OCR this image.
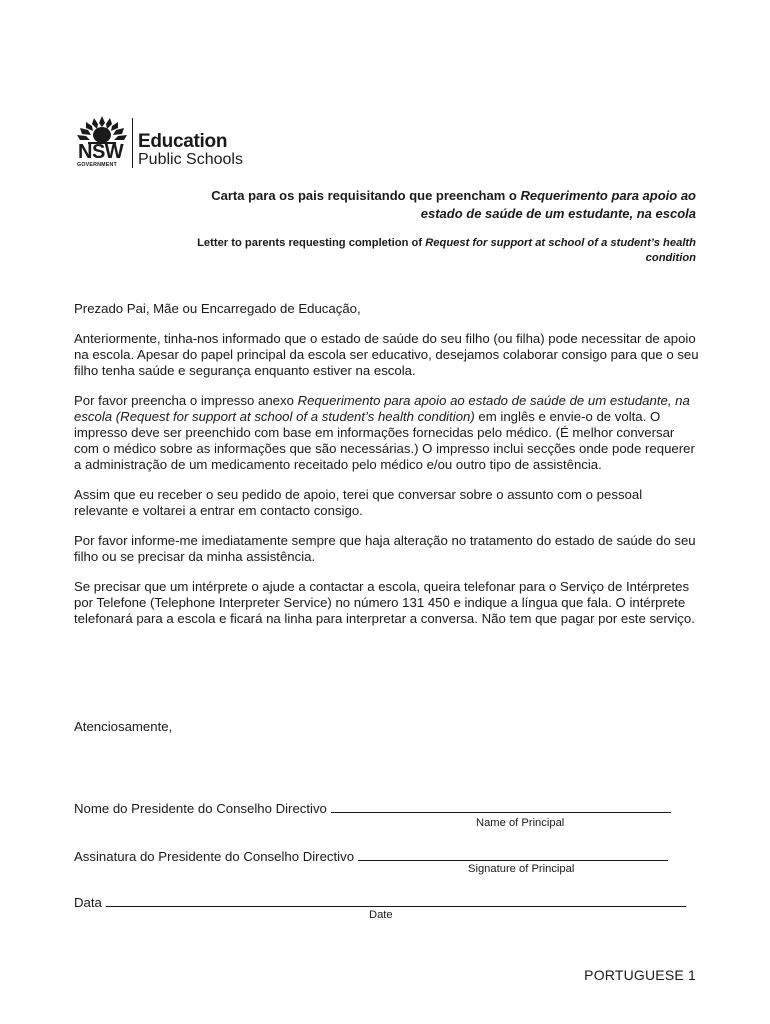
NSW
GOVERNMENT
Education
Public Schools
Carta para os pais requisitando que preencham o Requerimento para apoio ao estado de saúde de um estudante, na escola
Letter to parents requesting completion of Request for support at school of a student’s health condition

Prezado Pai, Mãe ou Encarregado de Educação,

Anteriormente, tinha-nos informado que o estado de saúde do seu filho (ou filha) pode necessitar de apoio na escola. Apesar do papel principal da escola ser educativo, desejamos colaborar consigo para que o seu filho tenha saúde e segurança enquanto estiver na escola.

Por favor preencha o impresso anexo Requerimento para apoio ao estado de saúde de um estudante, na escola (Request for support at school of a student’s health condition) em inglês e envie-o de volta. O impresso deve ser preenchido com base em informações fornecidas pelo médico. (É melhor conversar com o médico sobre as informações que são necessárias.) O impresso inclui secções onde pode requerer a administração de um medicamento receitado pelo médico e/ou outro tipo de assistência.

Assim que eu receber o seu pedido de apoio, terei que conversar sobre o assunto com o pessoal relevante e voltarei a entrar em contacto consigo.

Por favor informe-me imediatamente sempre que haja alteração no tratamento do estado de saúde do seu filho ou se precisar da minha assistência.

Se precisar que um intérprete o ajude a contactar a escola, queira telefonar para o Serviço de Intérpretes por Telefone (Telephone Interpreter Service) no número 131 450 e indique a língua que fala. O intérprete telefonará para a escola e ficará na linha para interpretar a conversa. Não tem que pagar por este serviço.

Atenciosamente,
Nome do Presidente do Conselho Directivo
Name of Principal
Assinatura do Presidente do Conselho Directivo
Signature of Principal
Data
Date
PORTUGUESE 1
